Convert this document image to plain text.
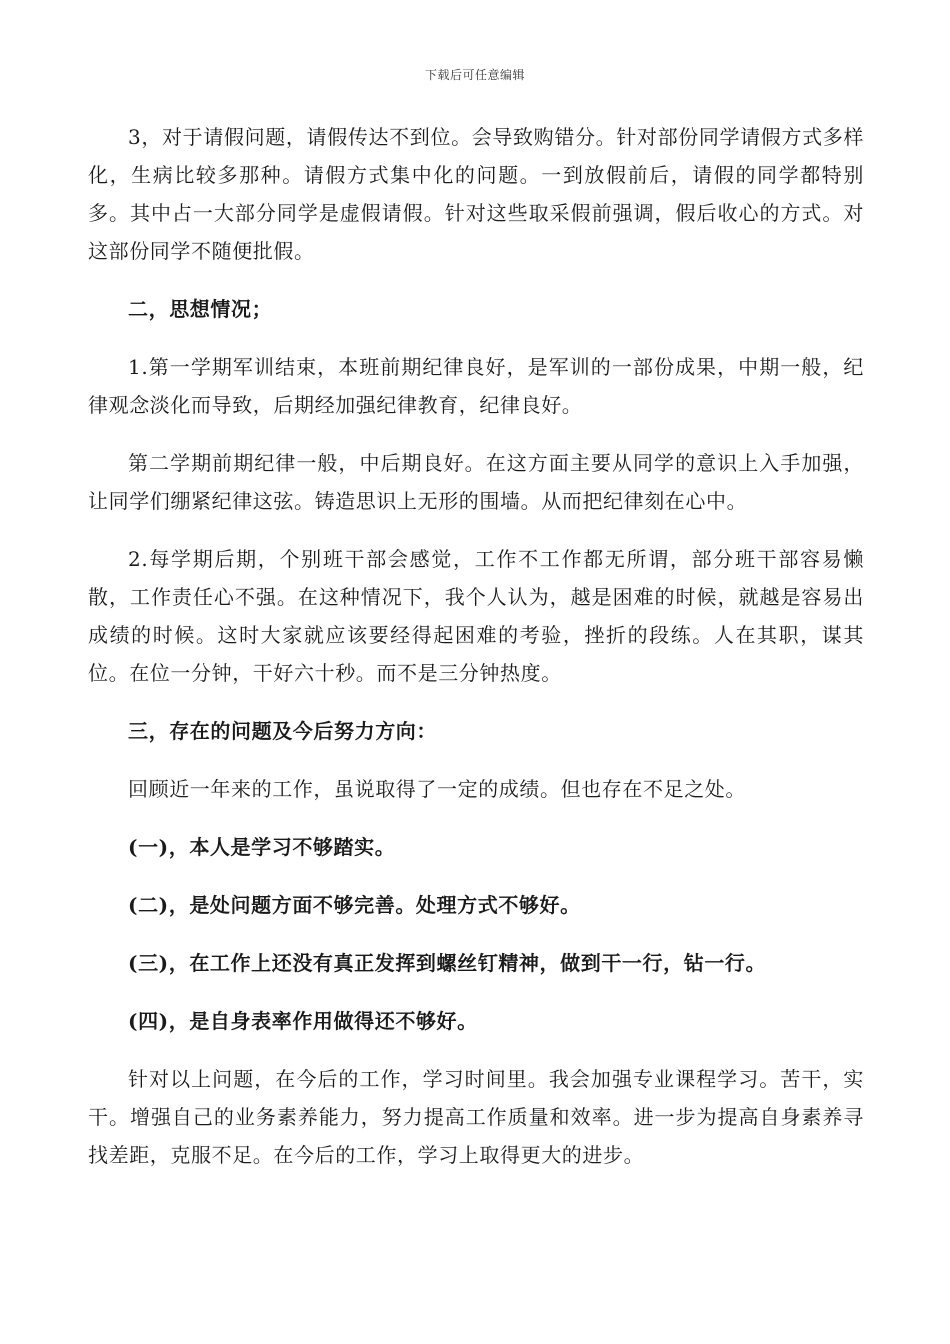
下载后可任意编辑

3，对于请假问题，请假传达不到位。会导致购错分。针对部份同学请假方式多样化，生病比较多那种。请假方式集中化的问题。一到放假前后，请假的同学都特别多。其中占一大部分同学是虚假请假。针对这些取采假前强调，假后收心的方式。对这部份同学不随便批假。

二，思想情况；

1.第一学期军训结束，本班前期纪律良好，是军训的一部份成果，中期一般，纪律观念淡化而导致，后期经加强纪律教育，纪律良好。

第二学期前期纪律一般，中后期良好。在这方面主要从同学的意识上入手加强，让同学们绷紧纪律这弦。铸造思识上无形的围墙。从而把纪律刻在心中。

2.每学期后期，个别班干部会感觉，工作不工作都无所谓，部分班干部容易懒散，工作责任心不强。在这种情况下，我个人认为，越是困难的时候，就越是容易出成绩的时候。这时大家就应该要经得起困难的考验，挫折的段练。人在其职，谋其位。在位一分钟，干好六十秒。而不是三分钟热度。

三，存在的问题及今后努力方向：

回顾近一年来的工作，虽说取得了一定的成绩。但也存在不足之处。

(一)，本人是学习不够踏实。

(二)，是处问题方面不够完善。处理方式不够好。

(三)，在工作上还没有真正发挥到螺丝钉精神，做到干一行，钻一行。

(四)，是自身表率作用做得还不够好。

针对以上问题，在今后的工作，学习时间里。我会加强专业课程学习。苦干，实干。增强自己的业务素养能力，努力提高工作质量和效率。进一步为提高自身素养寻找差距，克服不足。在今后的工作，学习上取得更大的进步。
